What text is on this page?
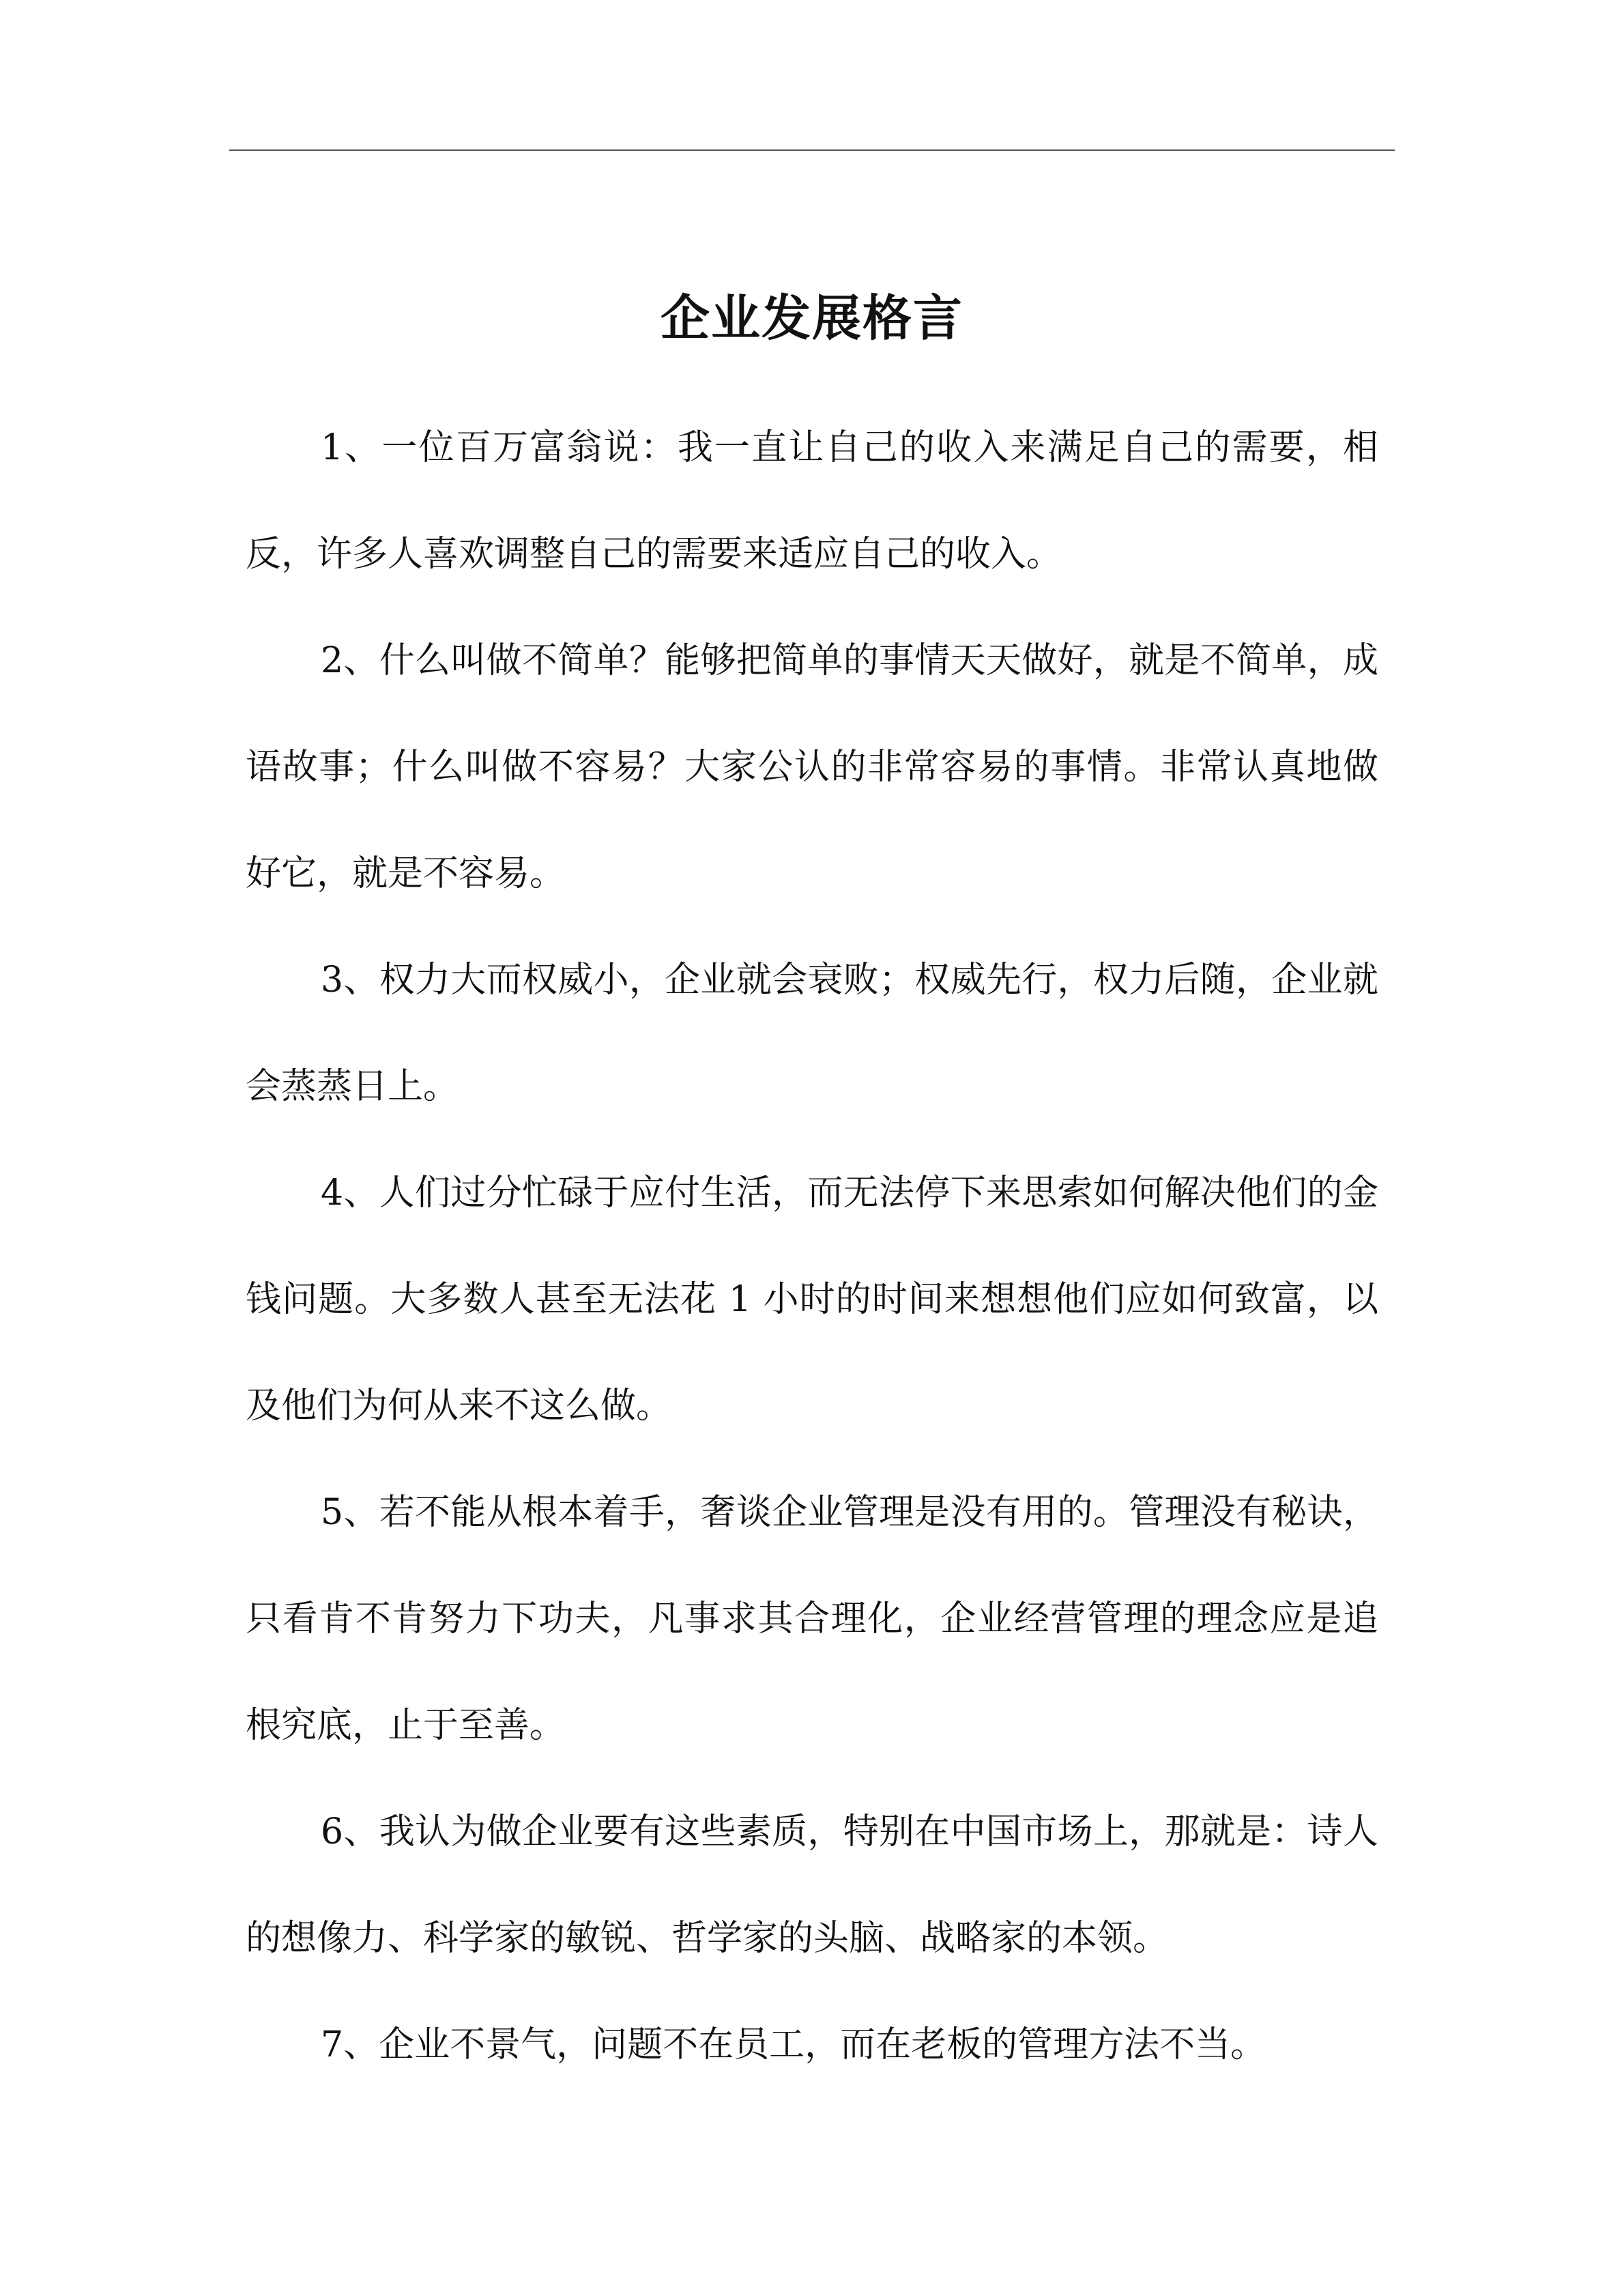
企业发展格言

1、一位百万富翁说：我一直让自己的收入来满足自己的需要，相反，许多人喜欢调整自己的需要来适应自己的收入。

2、什么叫做不简单？能够把简单的事情天天做好，就是不简单，成语故事；什么叫做不容易？大家公认的非常容易的事情。非常认真地做好它，就是不容易。

3、权力大而权威小，企业就会衰败；权威先行，权力后随，企业就会蒸蒸日上。

4、人们过分忙碌于应付生活，而无法停下来思索如何解决他们的金钱问题。大多数人甚至无法花 1 小时的时间来想想他们应如何致富，以及他们为何从来不这么做。

5、若不能从根本着手，奢谈企业管理是没有用的。管理没有秘诀，只看肯不肯努力下功夫，凡事求其合理化，企业经营管理的理念应是追根究底，止于至善。

6、我认为做企业要有这些素质，特别在中国市场上，那就是：诗人的想像力、科学家的敏锐、哲学家的头脑、战略家的本领。

7、企业不景气，问题不在员工，而在老板的管理方法不当。
